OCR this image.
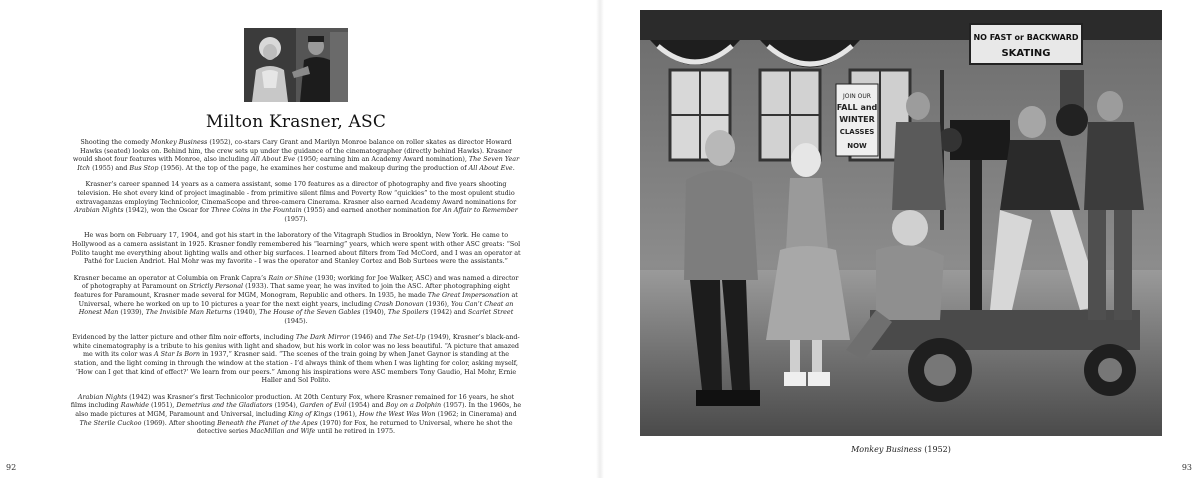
Milton Krasner, ASC

Shooting the comedy Monkey Business (1952), co-stars Cary Grant and Marilyn Monroe balance on roller skates as director Howard Hawks (seated) looks on. Behind him, the crew sets up under the guidance of the cinematographer (directly behind Hawks). Krasner would shoot four features with Monroe, also including All About Eve (1950; earning him an Academy Award nomination), The Seven Year Itch (1955) and Bus Stop (1956). At the top of the page, he examines her costume and makeup during the production of All About Eve.

Krasner’s career spanned 14 years as a camera assistant, some 170 features as a director of photography and five years shooting television. He shot every kind of project imaginable - from primitive silent films and Poverty Row “quickies” to the most opulent studio extravaganzas employing Technicolor, CinemaScope and three-camera Cinerama. Krasner also earned Academy Award nominations for Arabian Nights (1942), won the Oscar for Three Coins in the Fountain (1955) and earned another nomination for An Affair to Remember (1957).

He was born on February 17, 1904, and got his start in the laboratory of the Vitagraph Studios in Brooklyn, New York. He came to Hollywood as a camera assistant in 1925. Krasner fondly remembered his “learning” years, which were spent with other ASC greats: “Sol Polito taught me everything about lighting walls and other big surfaces. I learned about filters from Ted McCord, and I was an operator at Pathé for Lucien Andriot. Hal Mohr was my favorite - I was the operator and Stanley Cortez and Bob Surtees were the assistants.”

Krasner became an operator at Columbia on Frank Capra’s Rain or Shine (1930; working for Joe Walker, ASC) and was named a director of photography at Paramount on Strictly Personal (1933). That same year, he was invited to join the ASC. After photographing eight features for Paramount, Krasner made several for MGM, Monogram, Republic and others. In 1935, he made The Great Impersonation at Universal, where he worked on up to 10 pictures a year for the next eight years, including Crash Donovan (1936), You Can’t Cheat an Honest Man (1939), The Invisible Man Returns (1940), The House of the Seven Gables (1940), The Spoilers (1942) and Scarlet Street (1945).

Evidenced by the latter picture and other film noir efforts, including The Dark Mirror (1946) and The Set-Up (1949), Krasner’s black-and-white cinematography is a tribute to his genius with light and shadow, but his work in color was no less beautiful. “A picture that amazed me with its color was A Star Is Born in 1937,” Krasner said. “The scenes of the train going by when Janet Gaynor is standing at the station, and the light coming in through the window at the station - I’d always think of them when I was lighting for color, asking myself, ‘How can I get that kind of effect?’ We learn from our peers.” Among his inspirations were ASC members Tony Gaudio, Hal Mohr, Ernie Haller and Sol Polito.

Arabian Nights (1942) was Krasner’s first Technicolor production. At 20th Century Fox, where Krasner remained for 16 years, he shot films including Rawhide (1951), Demetrius and the Gladiators (1954), Garden of Evil (1954) and Boy on a Dolphin (1957). In the 1960s, he also made pictures at MGM, Paramount and Universal, including King of Kings (1961), How the West Was Won (1962; in Cinerama) and The Sterile Cuckoo (1969). After shooting Beneath the Planet of the Apes (1970) for Fox, he returned to Universal, where he shot the detective series MacMillan and Wife until he retired in 1975.

92
JOIN OUR
FALL and
WINTER
CLASSES
NOW
NO FAST or BACKWARD
SKATING
Monkey Business (1952)
93
